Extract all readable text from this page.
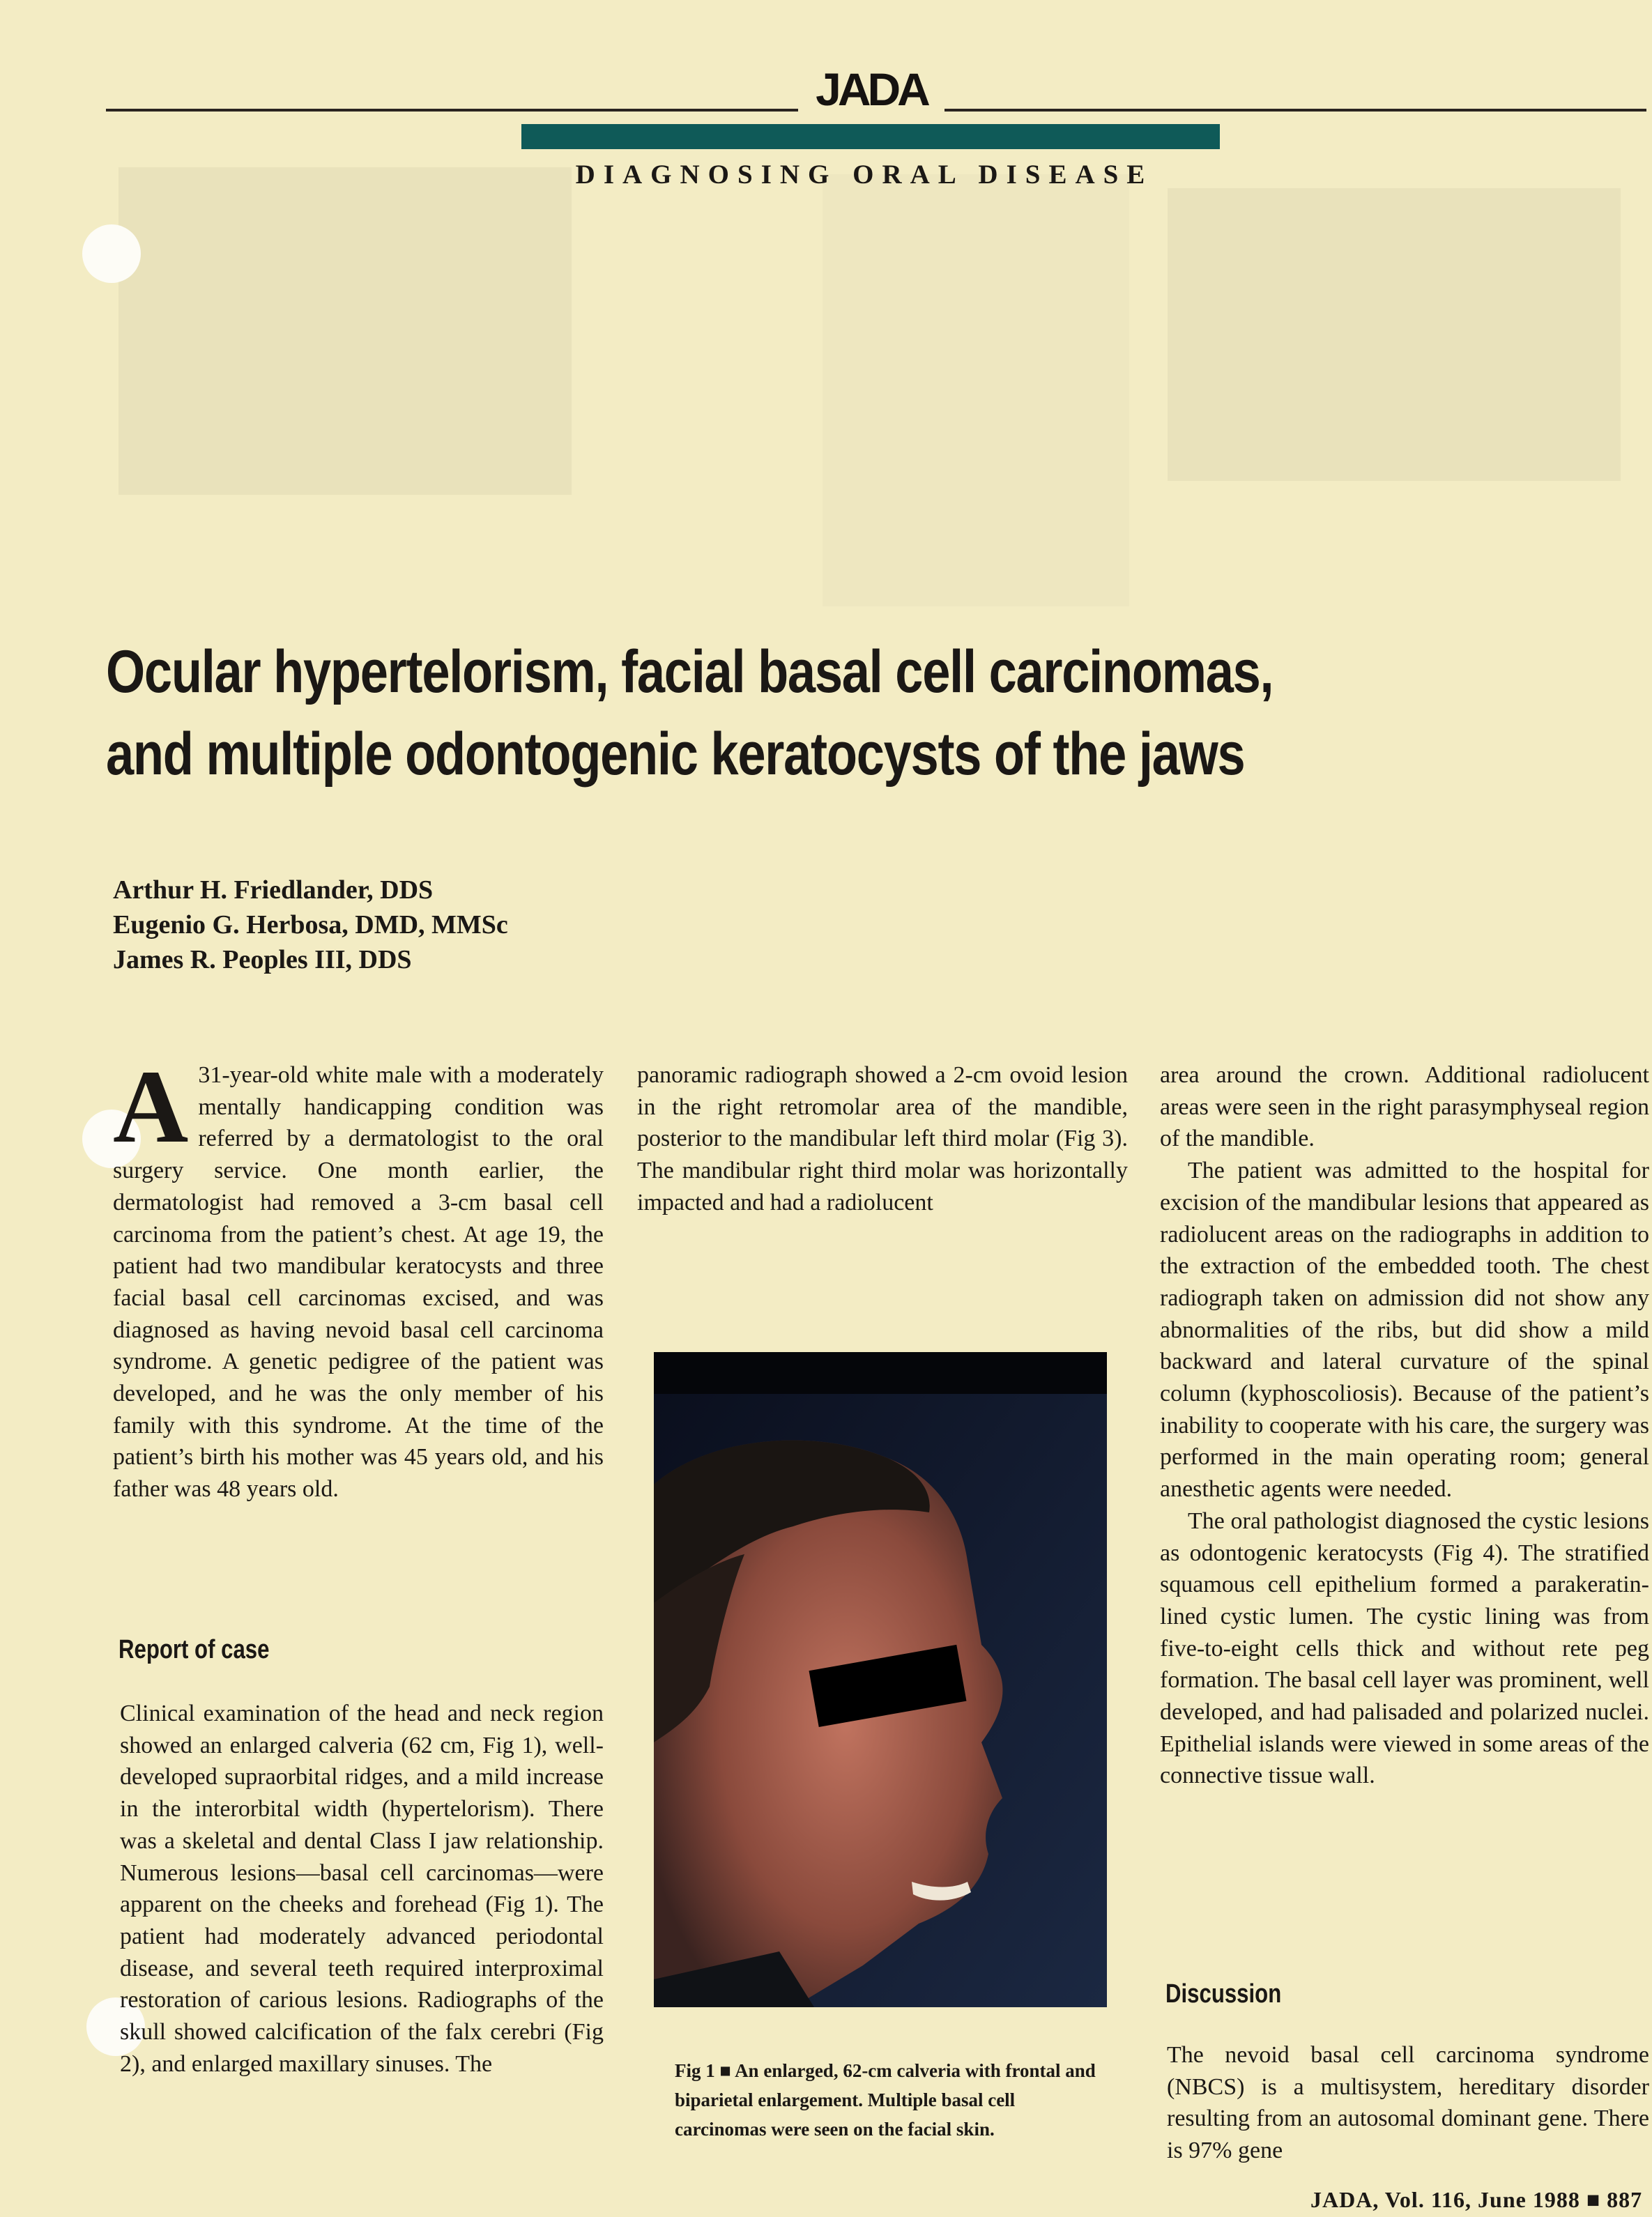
JADA
DIAGNOSING ORAL DISEASE
Ocular hypertelorism, facial basal cell carcinomas,
and multiple odontogenic keratocysts of the jaws
Arthur H. Friedlander, DDS
Eugenio G. Herbosa, DMD, MMSc
James R. Peoples III, DDS

A 31-year-old white male with a moderately mentally handicapping condition was referred by a dermatologist to the oral surgery service. One month earlier, the dermatologist had removed a 3-cm basal cell carcinoma from the patient’s chest. At age 19, the patient had two mandibular keratocysts and three facial basal cell carcinomas excised, and was diagnosed as having nevoid basal cell carcinoma syndrome. A genetic pedigree of the patient was developed, and he was the only member of his family with this syndrome. At the time of the patient’s birth his mother was 45 years old, and his father was 48 years old.

Report of case

Clinical examination of the head and neck region showed an enlarged calveria (62 cm, Fig 1), well-developed supraorbital ridges, and a mild increase in the interorbital width (hypertelorism). There was a skeletal and dental Class I jaw relationship. Numerous lesions—basal cell carcinomas—were apparent on the cheeks and forehead (Fig 1). The patient had moderately advanced periodontal disease, and several teeth required interproximal restoration of carious lesions. Radiographs of the skull showed calcification of the falx cerebri (Fig 2), and enlarged maxillary sinuses. The

panoramic radiograph showed a 2-cm ovoid lesion in the right retromolar area of the mandible, posterior to the mandibular left third molar (Fig 3). The mandibular right third molar was horizontally impacted and had a radiolucent

Fig 1 ■ An enlarged, 62-cm calveria with frontal and biparietal enlargement. Multiple basal cell carcinomas were seen on the facial skin.

area around the crown. Additional radiolucent areas were seen in the right parasymphyseal region of the mandible.

The patient was admitted to the hospital for excision of the mandibular lesions that appeared as radiolucent areas on the radiographs in addition to the extraction of the embedded tooth. The chest radiograph taken on admission did not show any abnormalities of the ribs, but did show a mild backward and lateral curvature of the spinal column (kyphoscoliosis). Because of the patient’s inability to cooperate with his care, the surgery was performed in the main operating room; general anesthetic agents were needed.

The oral pathologist diagnosed the cystic lesions as odontogenic keratocysts (Fig 4). The stratified squamous cell epithelium formed a parakeratin-lined cystic lumen. The cystic lining was from five-to-eight cells thick and without rete peg formation. The basal cell layer was prominent, well developed, and had palisaded and polarized nuclei. Epithelial islands were viewed in some areas of the connective tissue wall.

Discussion

The nevoid basal cell carcinoma syndrome (NBCS) is a multisystem, hereditary disorder resulting from an autosomal dominant gene. There is 97% gene

JADA, Vol. 116, June 1988 ■ 887
